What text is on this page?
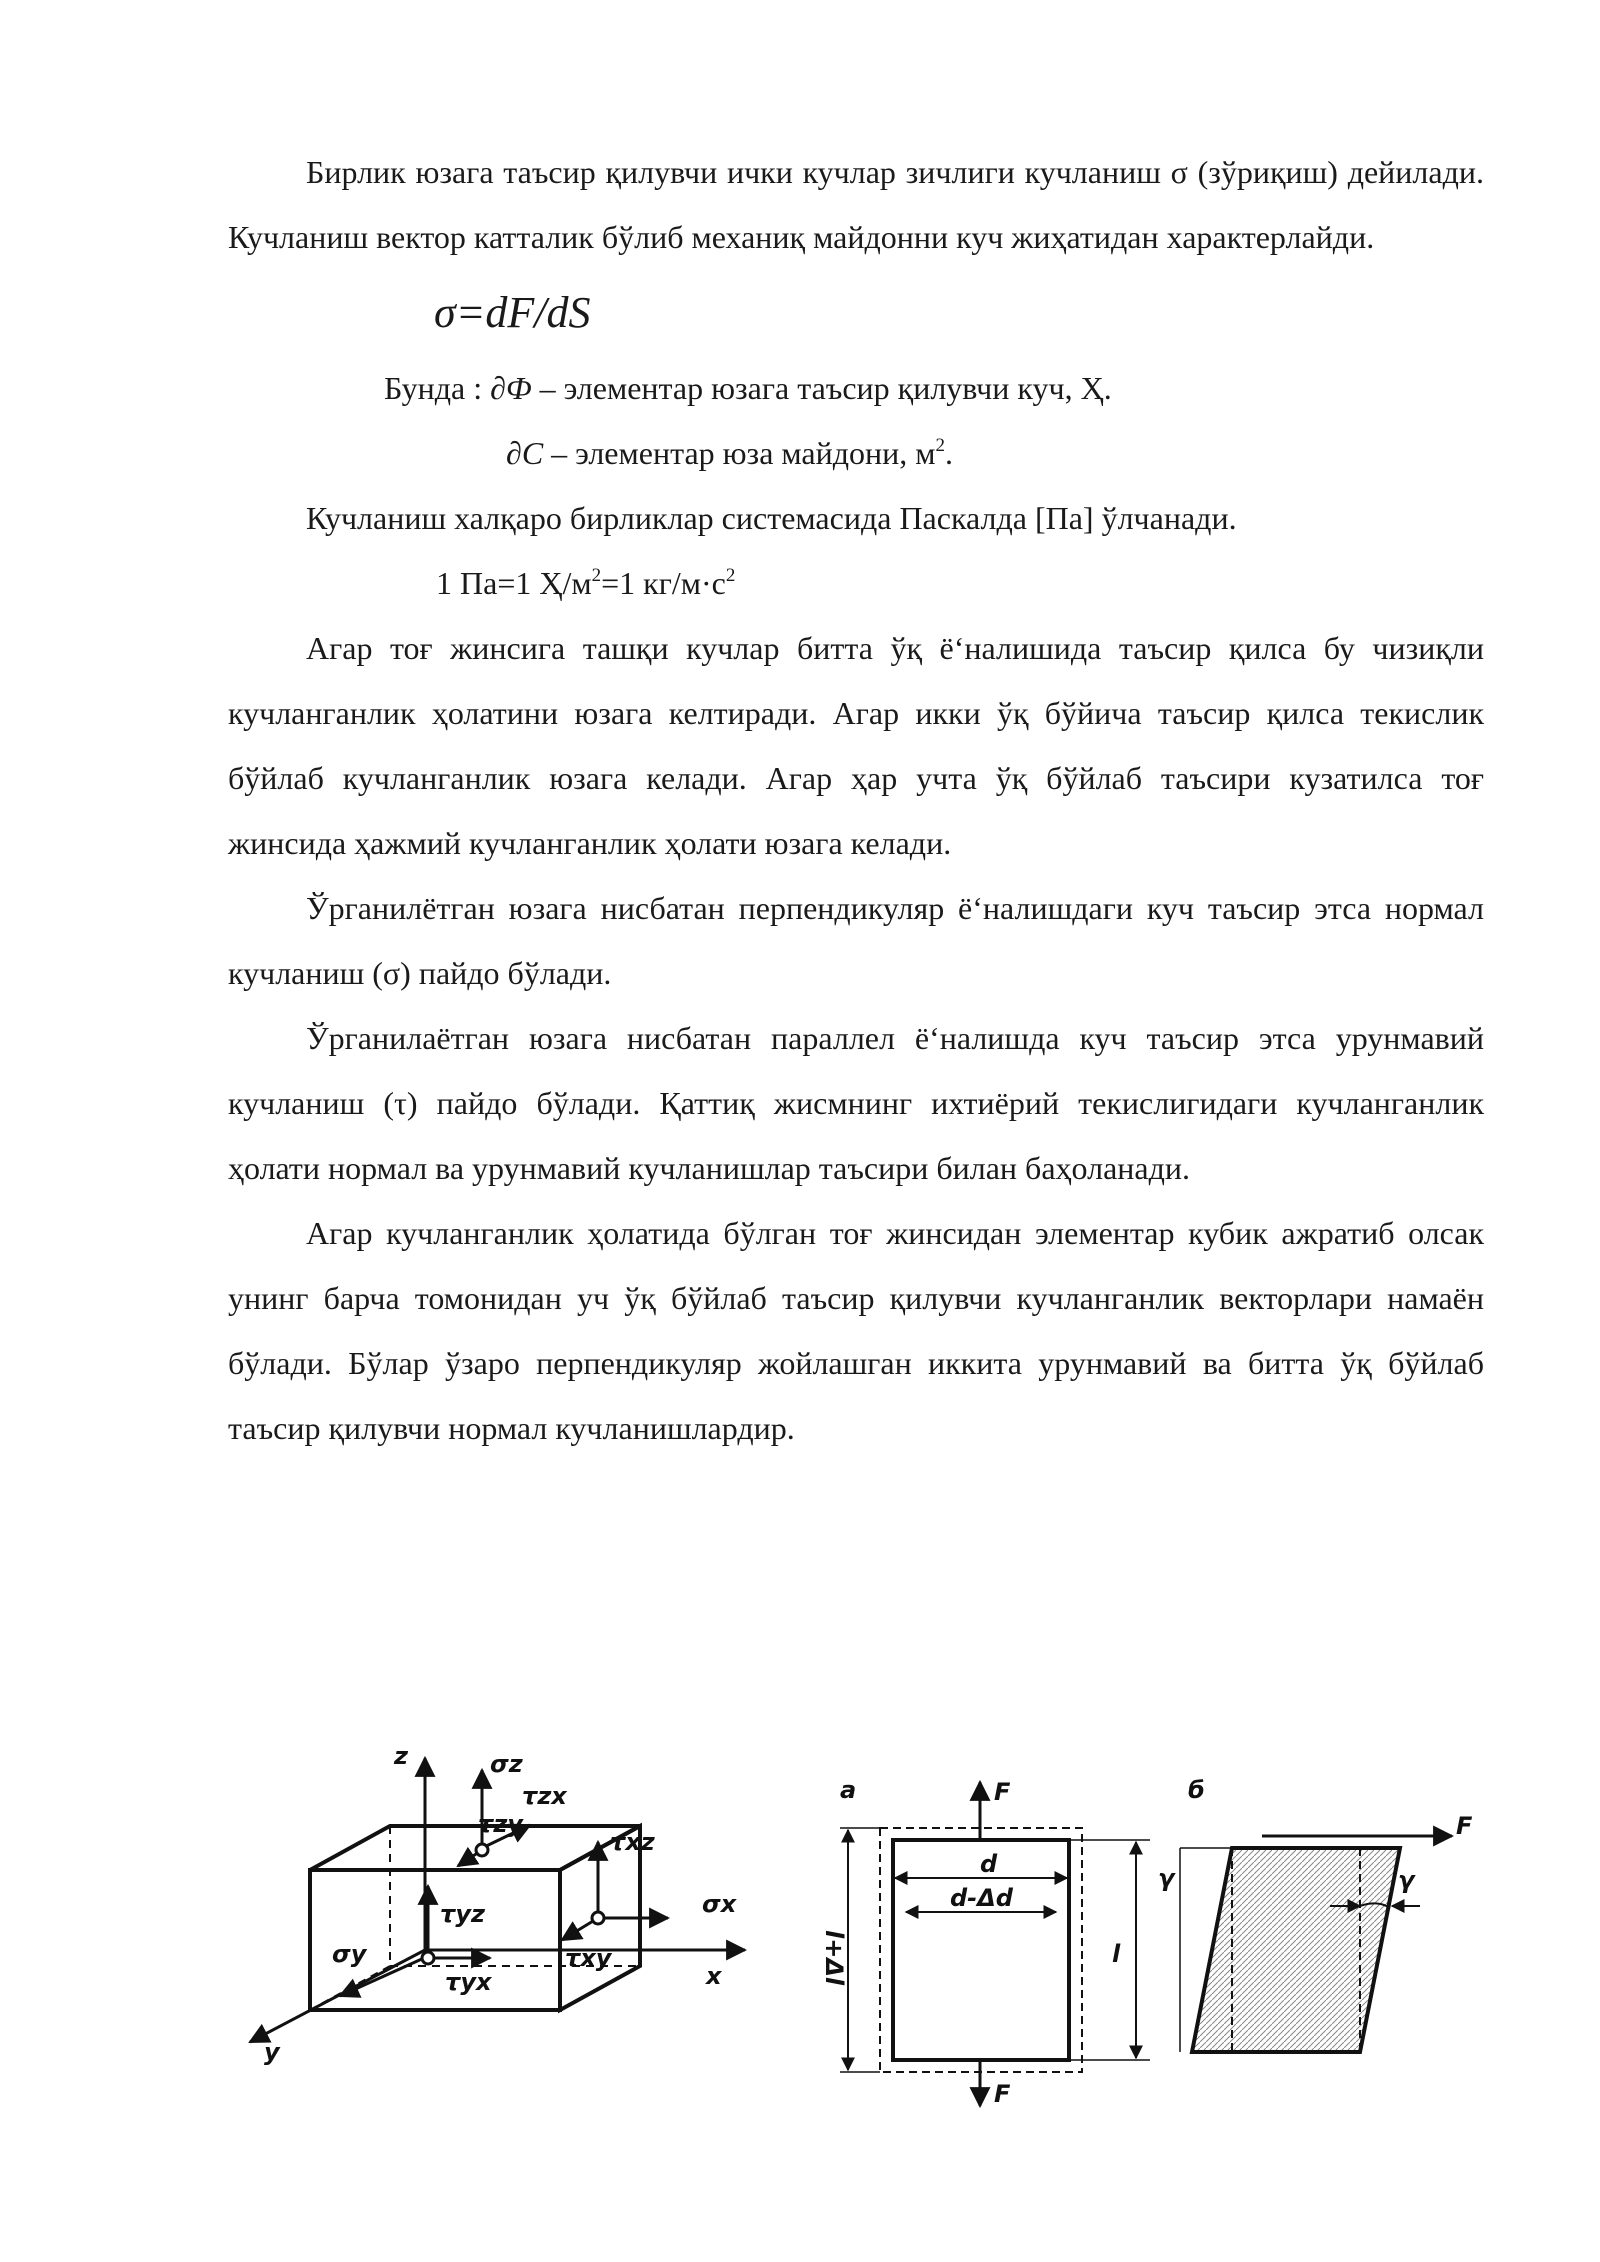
Бирлик юзага таъсир қилувчи ички кучлар зичлиги кучланиш σ (зўриқиш) дейилади. Кучланиш вектор катталик бўлиб механиқ майдонни куч жиҳатидан характерлайди.

σ=dF/dS

Бунда : ∂Ф – элементар юзага таъсир қилувчи куч, Ҳ.

∂С – элементар юза майдони, $м^2$.

Кучланиш халқаро бирликлар системасида Паскалда [Па] ўлчанади.

1 Па=1 $Ҳ/м^2=1$ $кг/м\cdot с^2$

Агар тоғ жинсига ташқи кучлар битта ўқ ё‘налишида таъсир қилса бу чизиқли кучланганлик ҳолатини юзага келтиради. Агар икки ўқ бўйича таъсир қилса текислик бўйлаб кучланганлик юзага келади. Агар ҳар учта ўқ бўйлаб таъсири кузатилса тоғ жинсида ҳажмий кучланганлик ҳолати юзага келади.

Ўрганилётган юзага нисбатан перпендикуляр ё‘налишдаги куч таъсир этса нормал кучланиш (σ) пайдо бўлади.

Ўрганилаётган юзага нисбатан параллел ё‘налишда куч таъсир этса урунмавий кучланиш (τ) пайдо бўлади. Қаттиқ жисмнинг ихтиёрий текислигидаги кучланганлик ҳолати нормал ва урунмавий кучланишлар таъсири билан баҳоланади.

Агар кучланганлик ҳолатида бўлган тоғ жинсидан элементар кубик ажратиб олсак унинг барча томонидан уч ўқ бўйлаб таъсир қилувчи кучланганлик векторлари намаён бўлади. Бўлар ўзаро перпендикуляр жойлашган иккита урунмавий ва битта ўқ бўйлаб таъсир қилувчи нормал кучланишлардир.

z
x
y
σz
τzx
τzy
τxz
σx
τxy
σy
τyz
τyx
а	F
F
d
d-Δd
l
l+Δl
б
F
γ	γ
